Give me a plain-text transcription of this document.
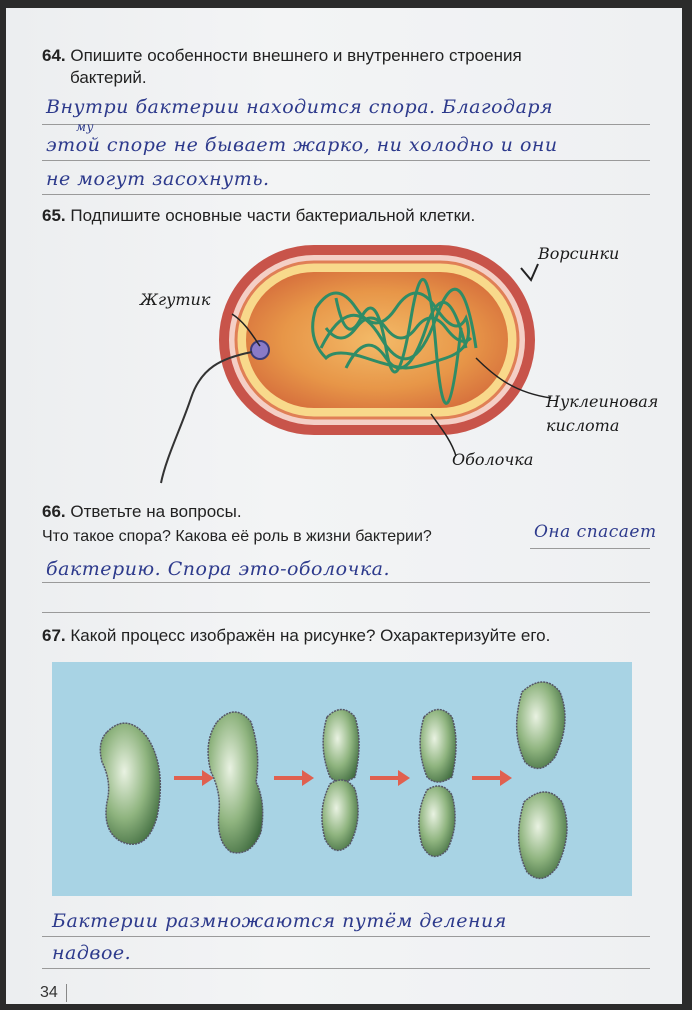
64. Опишите особенности внешнего и внутреннего строения
бактерий.
Внутри бактерии находится спора. Благодаря
му
этой спорe не бывает жарко, ни холодно и они
не могут засохнуть.
65. Подпишите основные части бактериальной клетки.
Жгутик
Ворсинки
Нуклеиновая
кислота
Оболочка
66. Ответьте на вопросы.
Что такое спора? Какова её роль в жизни бактерии?	Она спасает
бактерию. Спора это-оболочка.
67. Какой процесс изображён на рисунке? Охарактеризуйте его.
Бактерии размножаются путём деления
надвое.
34
